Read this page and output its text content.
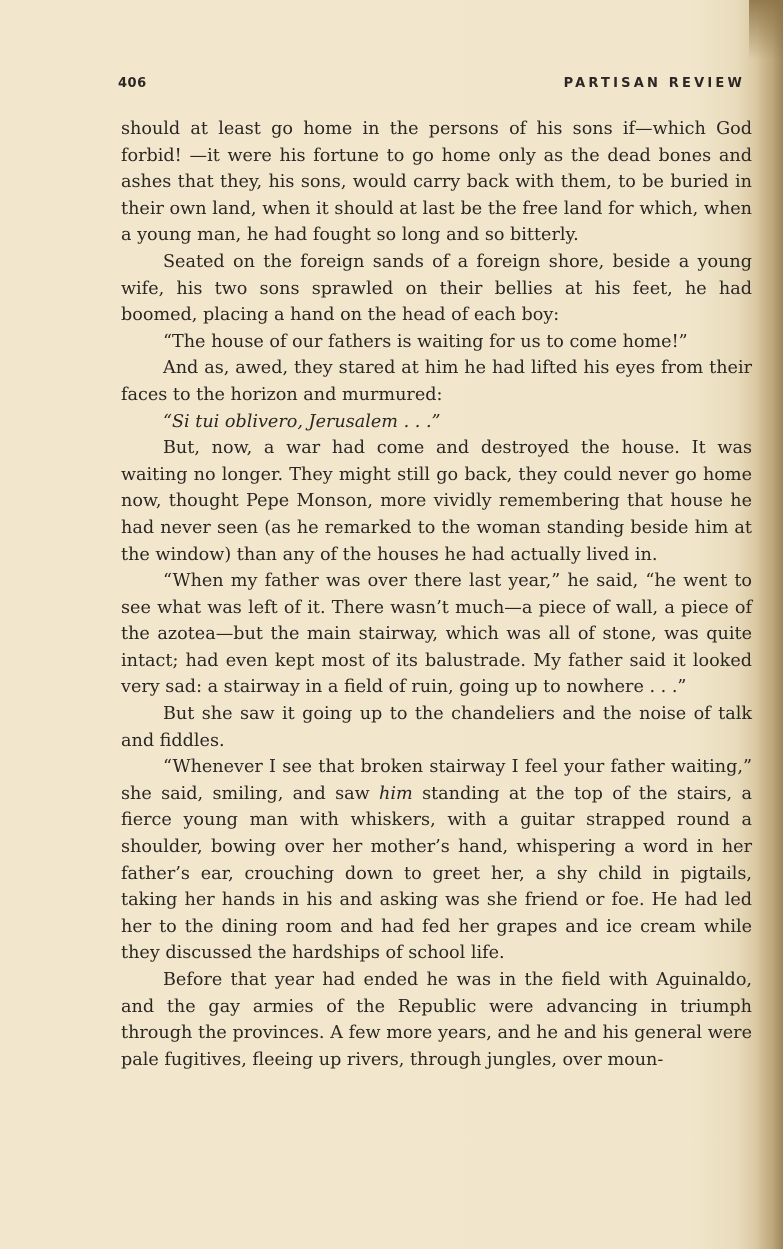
406	PARTISAN REVIEW

should at least go home in the persons of his sons if—which God forbid! —it were his fortune to go home only as the dead bones and ashes that they, his sons, would carry back with them, to be buried in their own land, when it should at last be the free land for which, when a young man, he had fought so long and so bitterly.

Seated on the foreign sands of a foreign shore, beside a young wife, his two sons sprawled on their bellies at his feet, he had boomed, placing a hand on the head of each boy:

“The house of our fathers is waiting for us to come home!”

And as, awed, they stared at him he had lifted his eyes from their faces to the horizon and murmured:

“Si tui oblivero, Jerusalem . . .”

But, now, a war had come and destroyed the house. It was waiting no longer. They might still go back, they could never go home now, thought Pepe Monson, more vividly remembering that house he had never seen (as he remarked to the woman standing beside him at the window) than any of the houses he had actually lived in.

“When my father was over there last year,” he said, “he went to see what was left of it. There wasn’t much—a piece of wall, a piece of the azotea—but the main stairway, which was all of stone, was quite intact; had even kept most of its balustrade. My father said it looked very sad: a stairway in a field of ruin, going up to nowhere . . .”

But she saw it going up to the chandeliers and the noise of talk and fiddles.

“Whenever I see that broken stairway I feel your father waiting,” she said, smiling, and saw him standing at the top of the stairs, a fierce young man with whiskers, with a guitar strapped round a shoulder, bowing over her mother’s hand, whispering a word in her father’s ear, crouching down to greet her, a shy child in pigtails, taking her hands in his and asking was she friend or foe. He had led her to the dining room and had fed her grapes and ice cream while they discussed the hardships of school life.

Before that year had ended he was in the field with Aguinaldo, and the gay armies of the Republic were advancing in triumph through the provinces. A few more years, and he and his general were pale fugitives, fleeing up rivers, through jungles, over moun-
